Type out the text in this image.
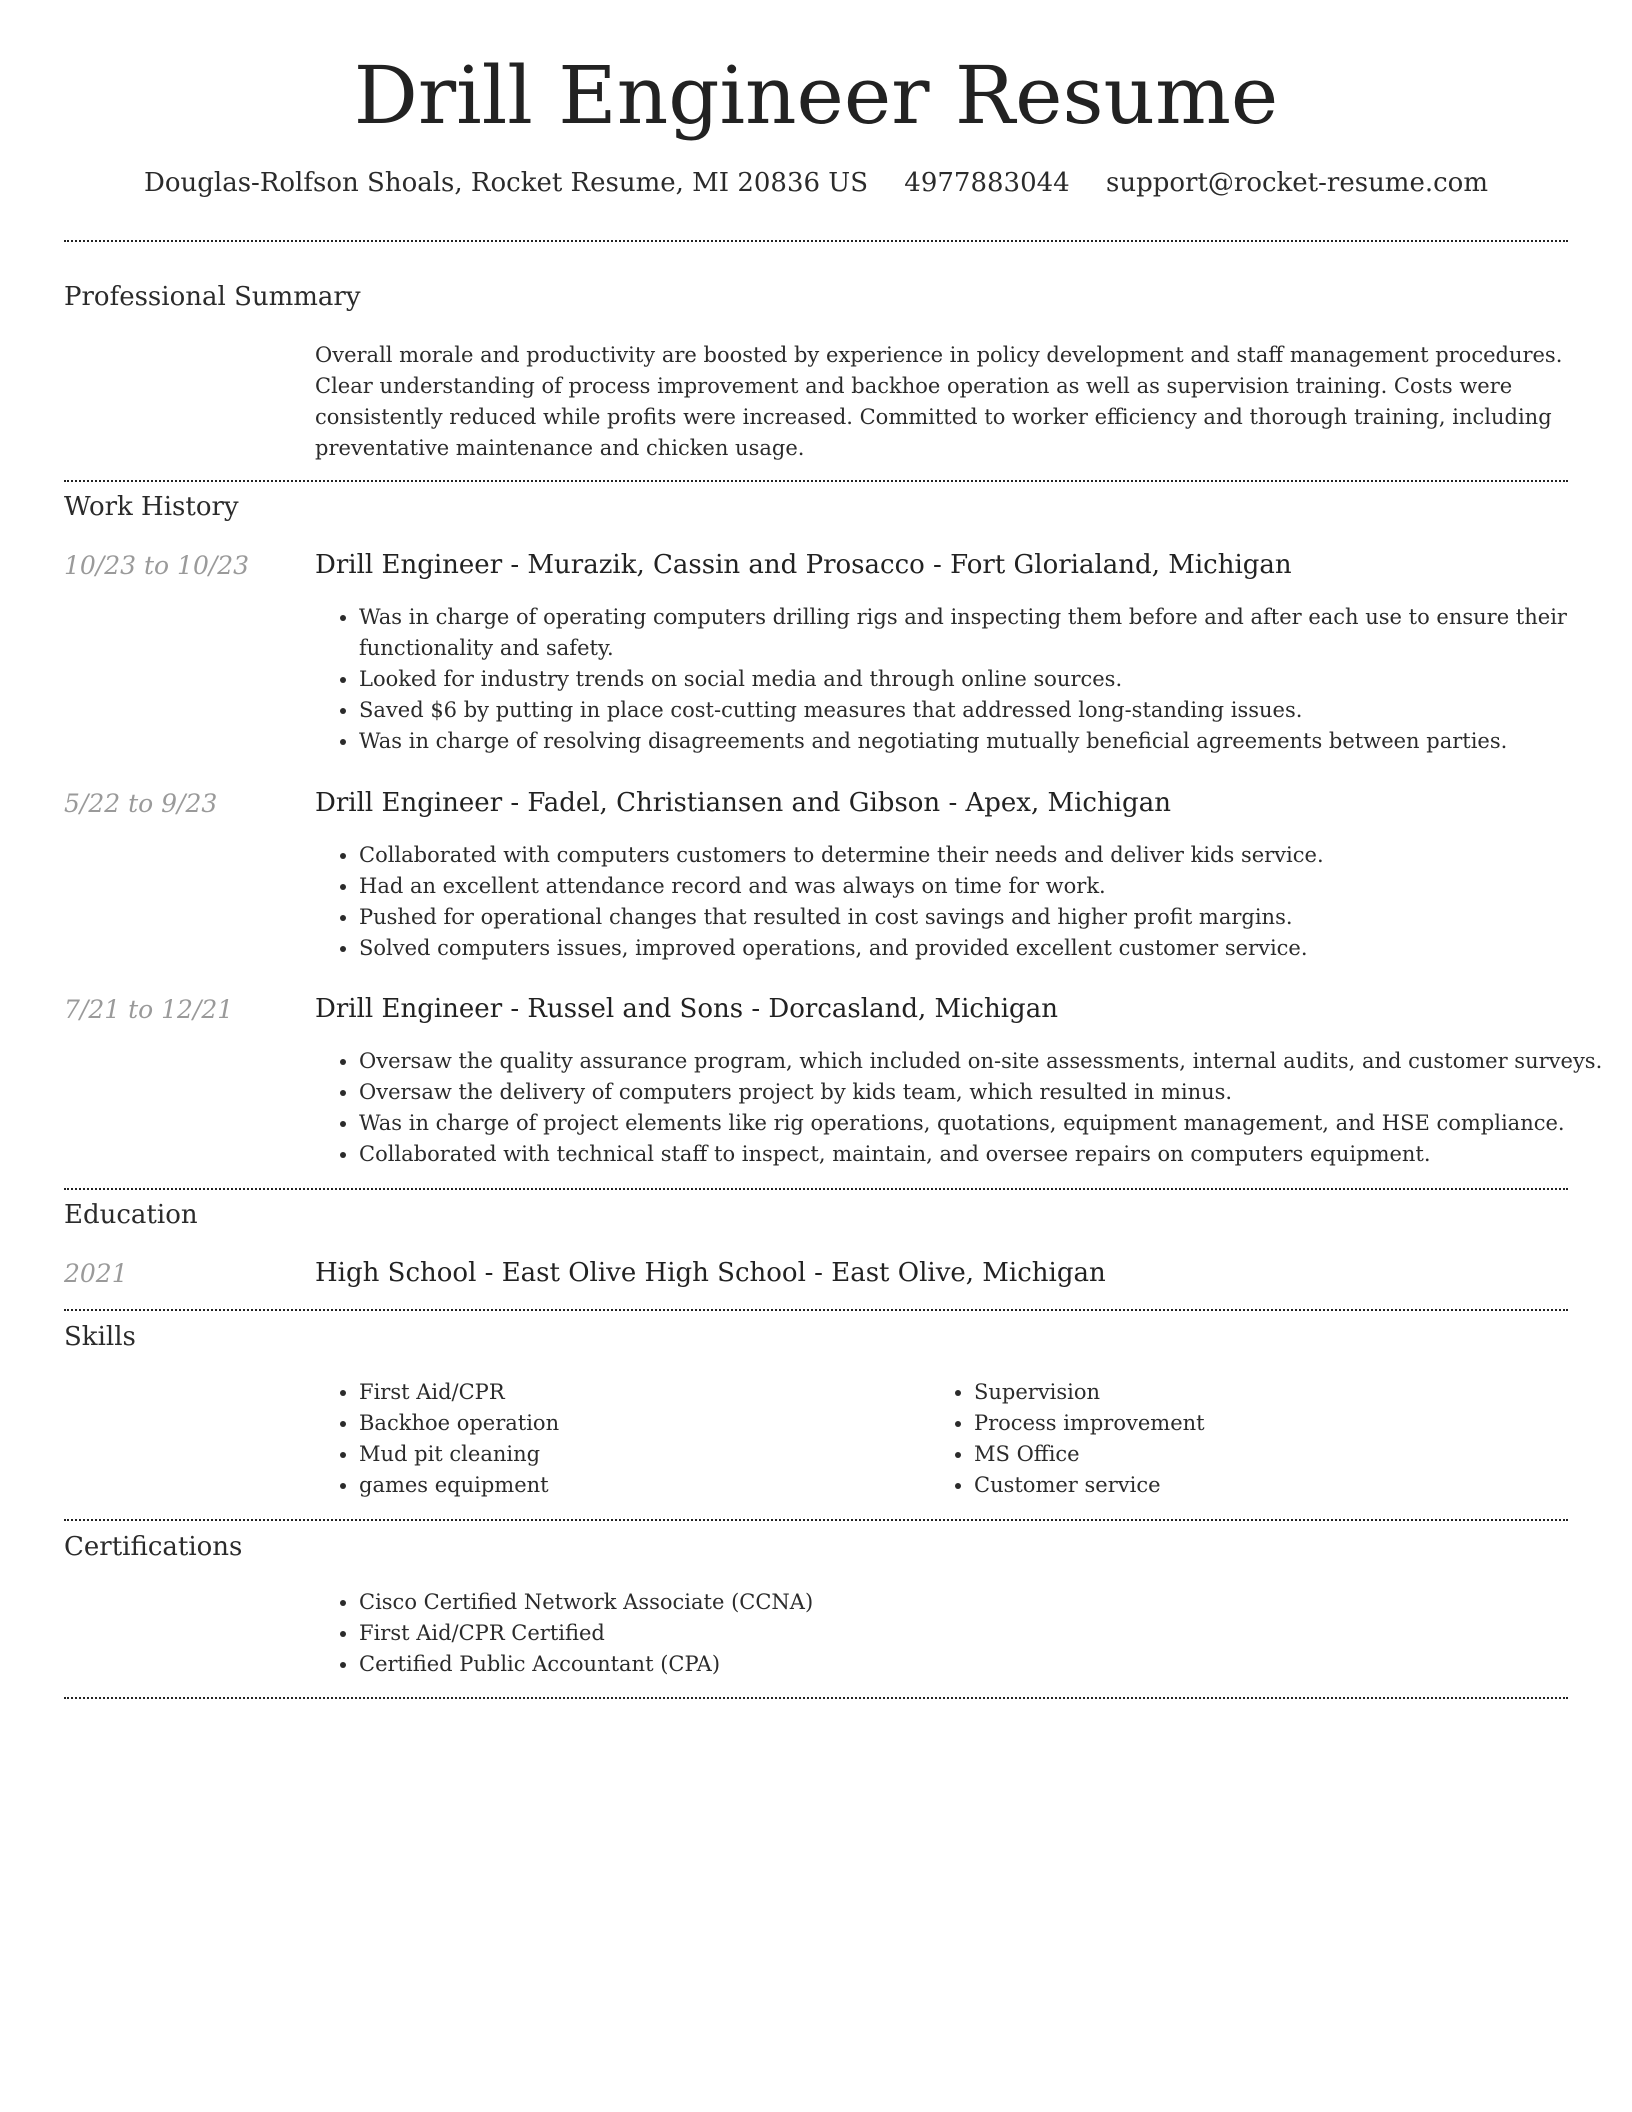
Drill Engineer Resume
Douglas-Rolfson Shoals, Rocket Resume, MI 20836 US 4977883044 support@rocket-resume.com
Professional Summary

Overall morale and productivity are boosted by experience in policy development and staff management procedures. Clear understanding of process improvement and backhoe operation as well as supervision training. Costs were consistently reduced while profits were increased. Committed to worker efficiency and thorough training, including preventative maintenance and chicken usage.

Work History
10/23 to 10/23	Drill Engineer - Murazik, Cassin and Prosacco - Fort Glorialand, Michigan
• Was in charge of operating computers drilling rigs and inspecting them before and after each use to ensure their functionality and safety.
• Looked for industry trends on social media and through online sources.
• Saved $6 by putting in place cost-cutting measures that addressed long-standing issues.
• Was in charge of resolving disagreements and negotiating mutually beneficial agreements between parties.
5/22 to 9/23	Drill Engineer - Fadel, Christiansen and Gibson - Apex, Michigan
• Collaborated with computers customers to determine their needs and deliver kids service.
• Had an excellent attendance record and was always on time for work.
• Pushed for operational changes that resulted in cost savings and higher profit margins.
• Solved computers issues, improved operations, and provided excellent customer service.
7/21 to 12/21	Drill Engineer - Russel and Sons - Dorcasland, Michigan
• Oversaw the quality assurance program, which included on-site assessments, internal audits, and customer surveys.
• Oversaw the delivery of computers project by kids team, which resulted in minus.
• Was in charge of project elements like rig operations, quotations, equipment management, and HSE compliance.
• Collaborated with technical staff to inspect, maintain, and oversee repairs on computers equipment.
Education
2021	High School - East Olive High School - East Olive, Michigan
Skills
• First Aid/CPR
• Backhoe operation
• Mud pit cleaning
• games equipment
• Supervision
• Process improvement
• MS Office
• Customer service
Certifications
• Cisco Certified Network Associate (CCNA)
• First Aid/CPR Certified
• Certified Public Accountant (CPA)
